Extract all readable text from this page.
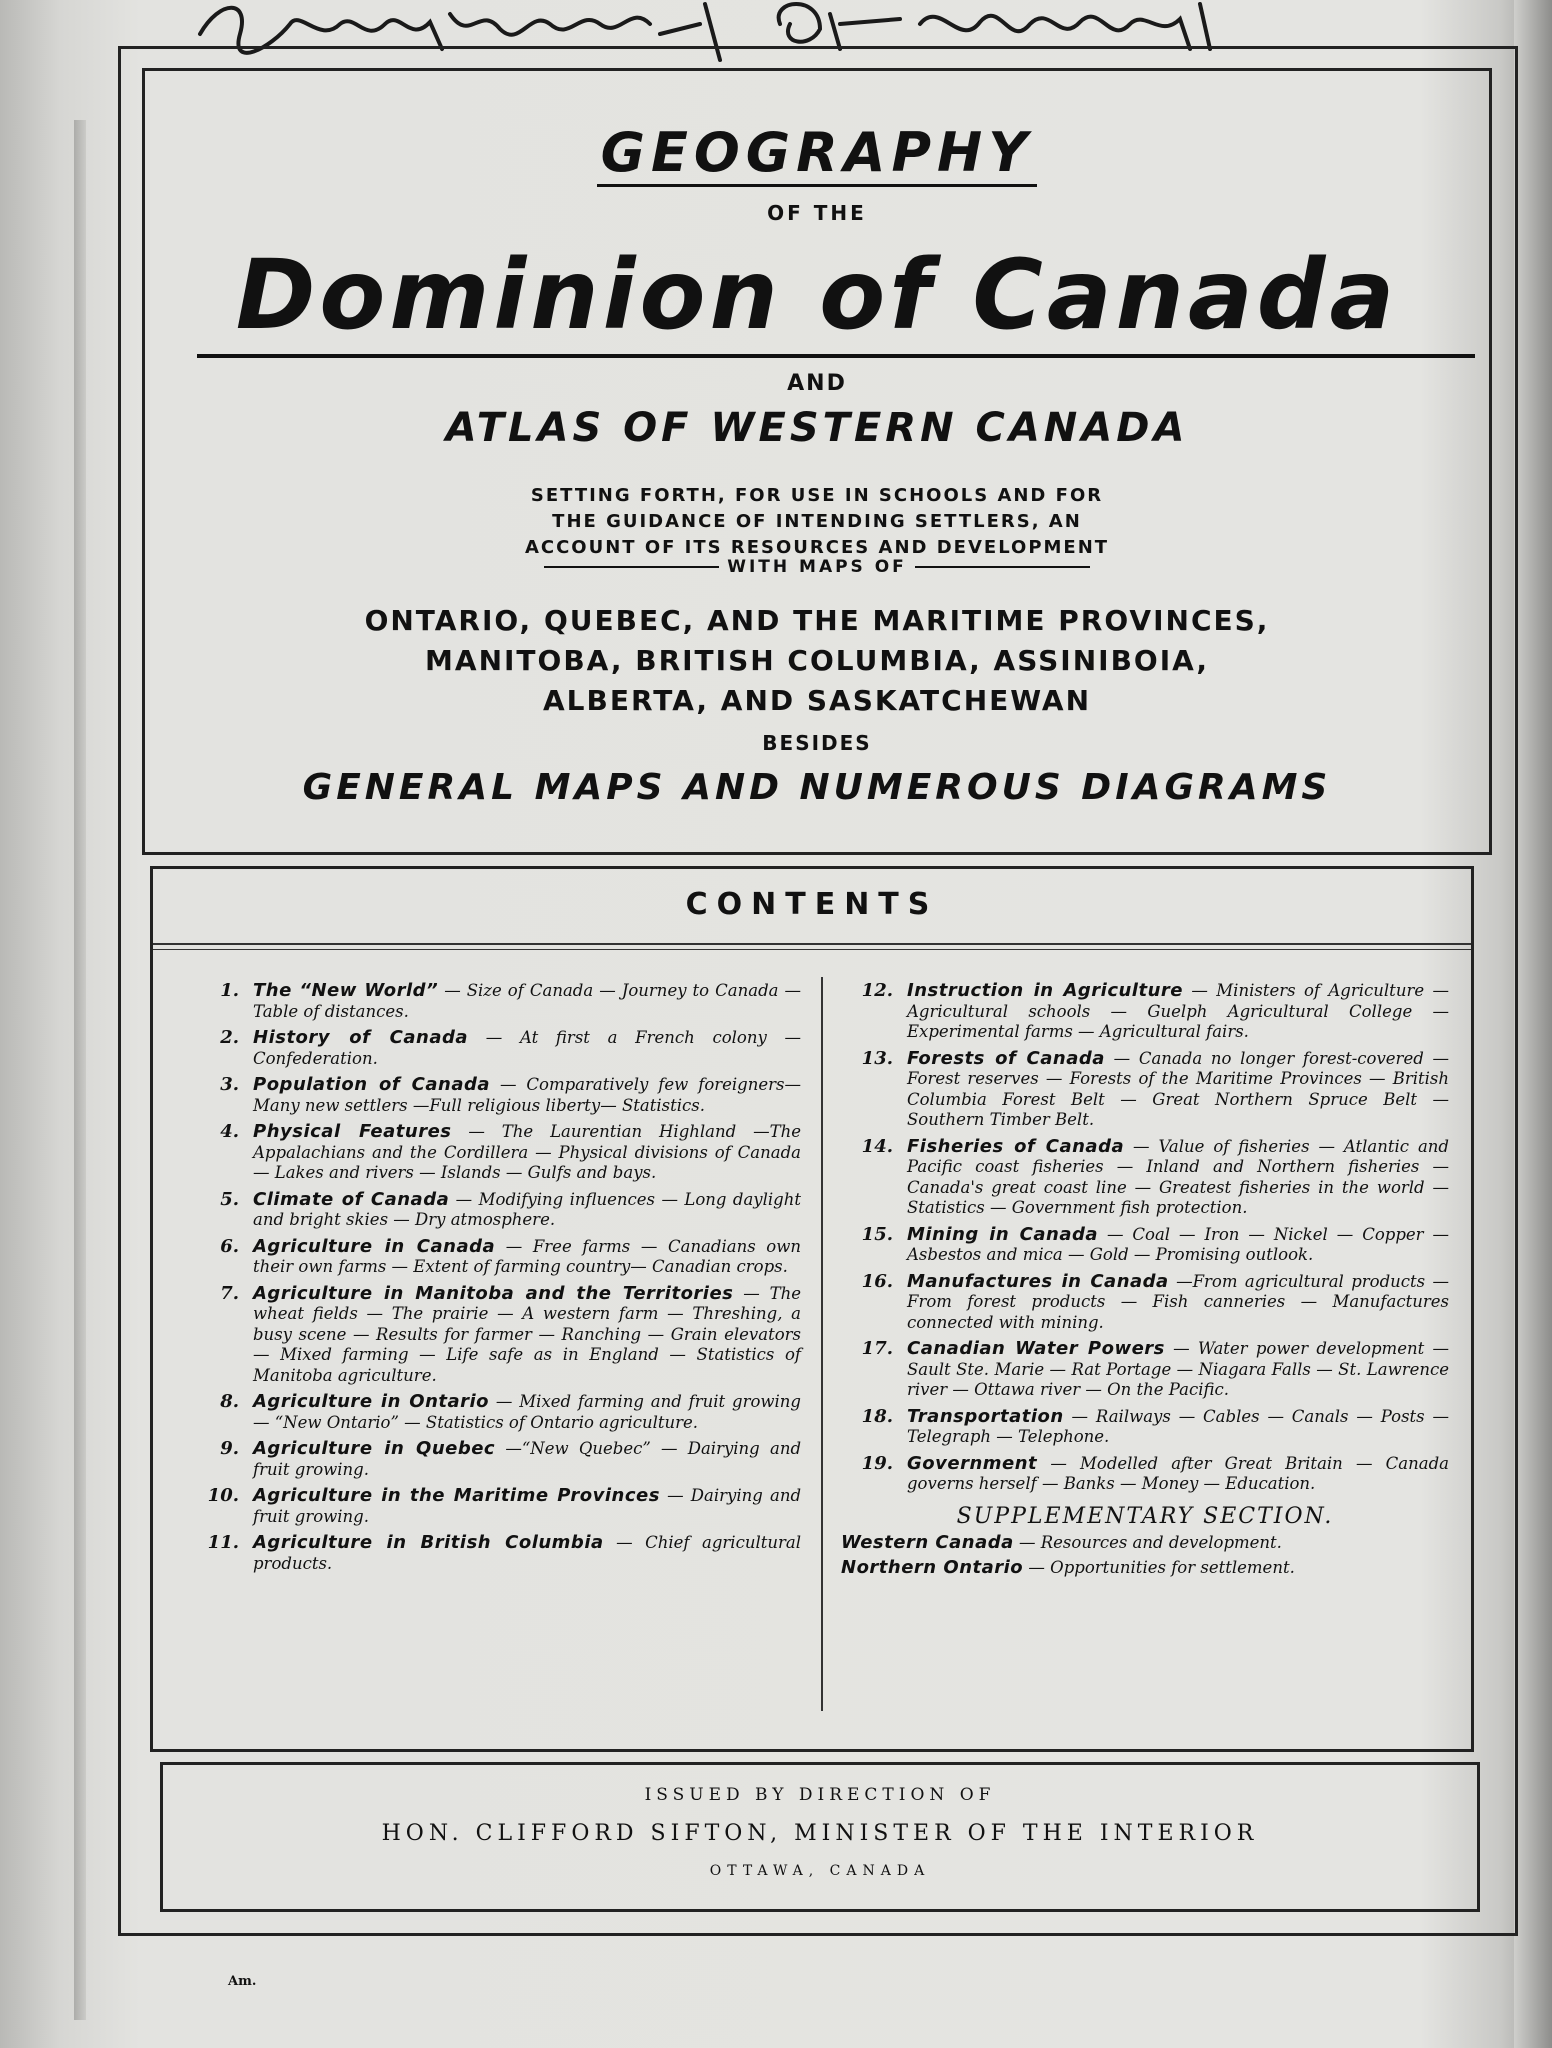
GEOGRAPHY
OF THE
Dominion of Canada
AND
ATLAS OF WESTERN CANADA
SETTING FORTH, FOR USE IN SCHOOLS AND FOR
THE GUIDANCE OF INTENDING SETTLERS, AN
ACCOUNT OF ITS RESOURCES AND DEVELOPMENT
WITH MAPS OF
ONTARIO, QUEBEC, AND THE MARITIME PROVINCES,
MANITOBA, BRITISH COLUMBIA, ASSINIBOIA,
ALBERTA, AND SASKATCHEWAN
BESIDES
GENERAL MAPS AND NUMEROUS DIAGRAMS
CONTENTS
1. The “New World” — Size of Canada — Journey to Canada — Table of distances.
2. History of Canada — At first a French colony — Confederation.
3. Population of Canada — Comparatively few foreigners—Many new settlers —Full religious liberty— Statistics.
4. Physical Features — The Laurentian Highland —The Appalachians and the Cordillera — Physical divisions of Canada — Lakes and rivers — Islands — Gulfs and bays.
5. Climate of Canada — Modifying influences — Long daylight and bright skies — Dry atmosphere.
6. Agriculture in Canada — Free farms — Canadians own their own farms — Extent of farming country— Canadian crops.
7. Agriculture in Manitoba and the Territories — The wheat fields — The prairie — A western farm — Threshing, a busy scene — Results for farmer — Ranching — Grain elevators — Mixed farming — Life safe as in England — Statistics of Manitoba agriculture.
8. Agriculture in Ontario — Mixed farming and fruit growing — “New Ontario” — Statistics of Ontario agriculture.
9. Agriculture in Quebec —“New Quebec” — Dairying and fruit growing.
10. Agriculture in the Maritime Provinces — Dairying and fruit growing.
11. Agriculture in British Columbia — Chief agricultural products.
12. Instruction in Agriculture — Ministers of Agriculture — Agricultural schools — Guelph Agricultural College — Experimental farms — Agricultural fairs.
13. Forests of Canada — Canada no longer forest-covered — Forest reserves — Forests of the Maritime Provinces — British Columbia Forest Belt — Great Northern Spruce Belt — Southern Timber Belt.
14. Fisheries of Canada — Value of fisheries — Atlantic and Pacific coast fisheries — Inland and Northern fisheries — Canada's great coast line — Greatest fisheries in the world — Statistics — Government fish protection.
15. Mining in Canada — Coal — Iron — Nickel — Copper — Asbestos and mica — Gold — Promising outlook.
16. Manufactures in Canada —From agricultural products — From forest products — Fish canneries — Manufactures connected with mining.
17. Canadian Water Powers — Water power development — Sault Ste. Marie — Rat Portage — Niagara Falls — St. Lawrence river — Ottawa river — On the Pacific.
18. Transportation — Railways — Cables — Canals — Posts — Telegraph — Telephone.
19. Government — Modelled after Great Britain — Canada governs herself — Banks — Money — Education.
SUPPLEMENTARY SECTION.
Western Canada — Resources and development.
Northern Ontario — Opportunities for settlement.
ISSUED BY DIRECTION OF
HON. CLIFFORD SIFTON, MINISTER OF THE INTERIOR
OTTAWA, CANADA
Am.
